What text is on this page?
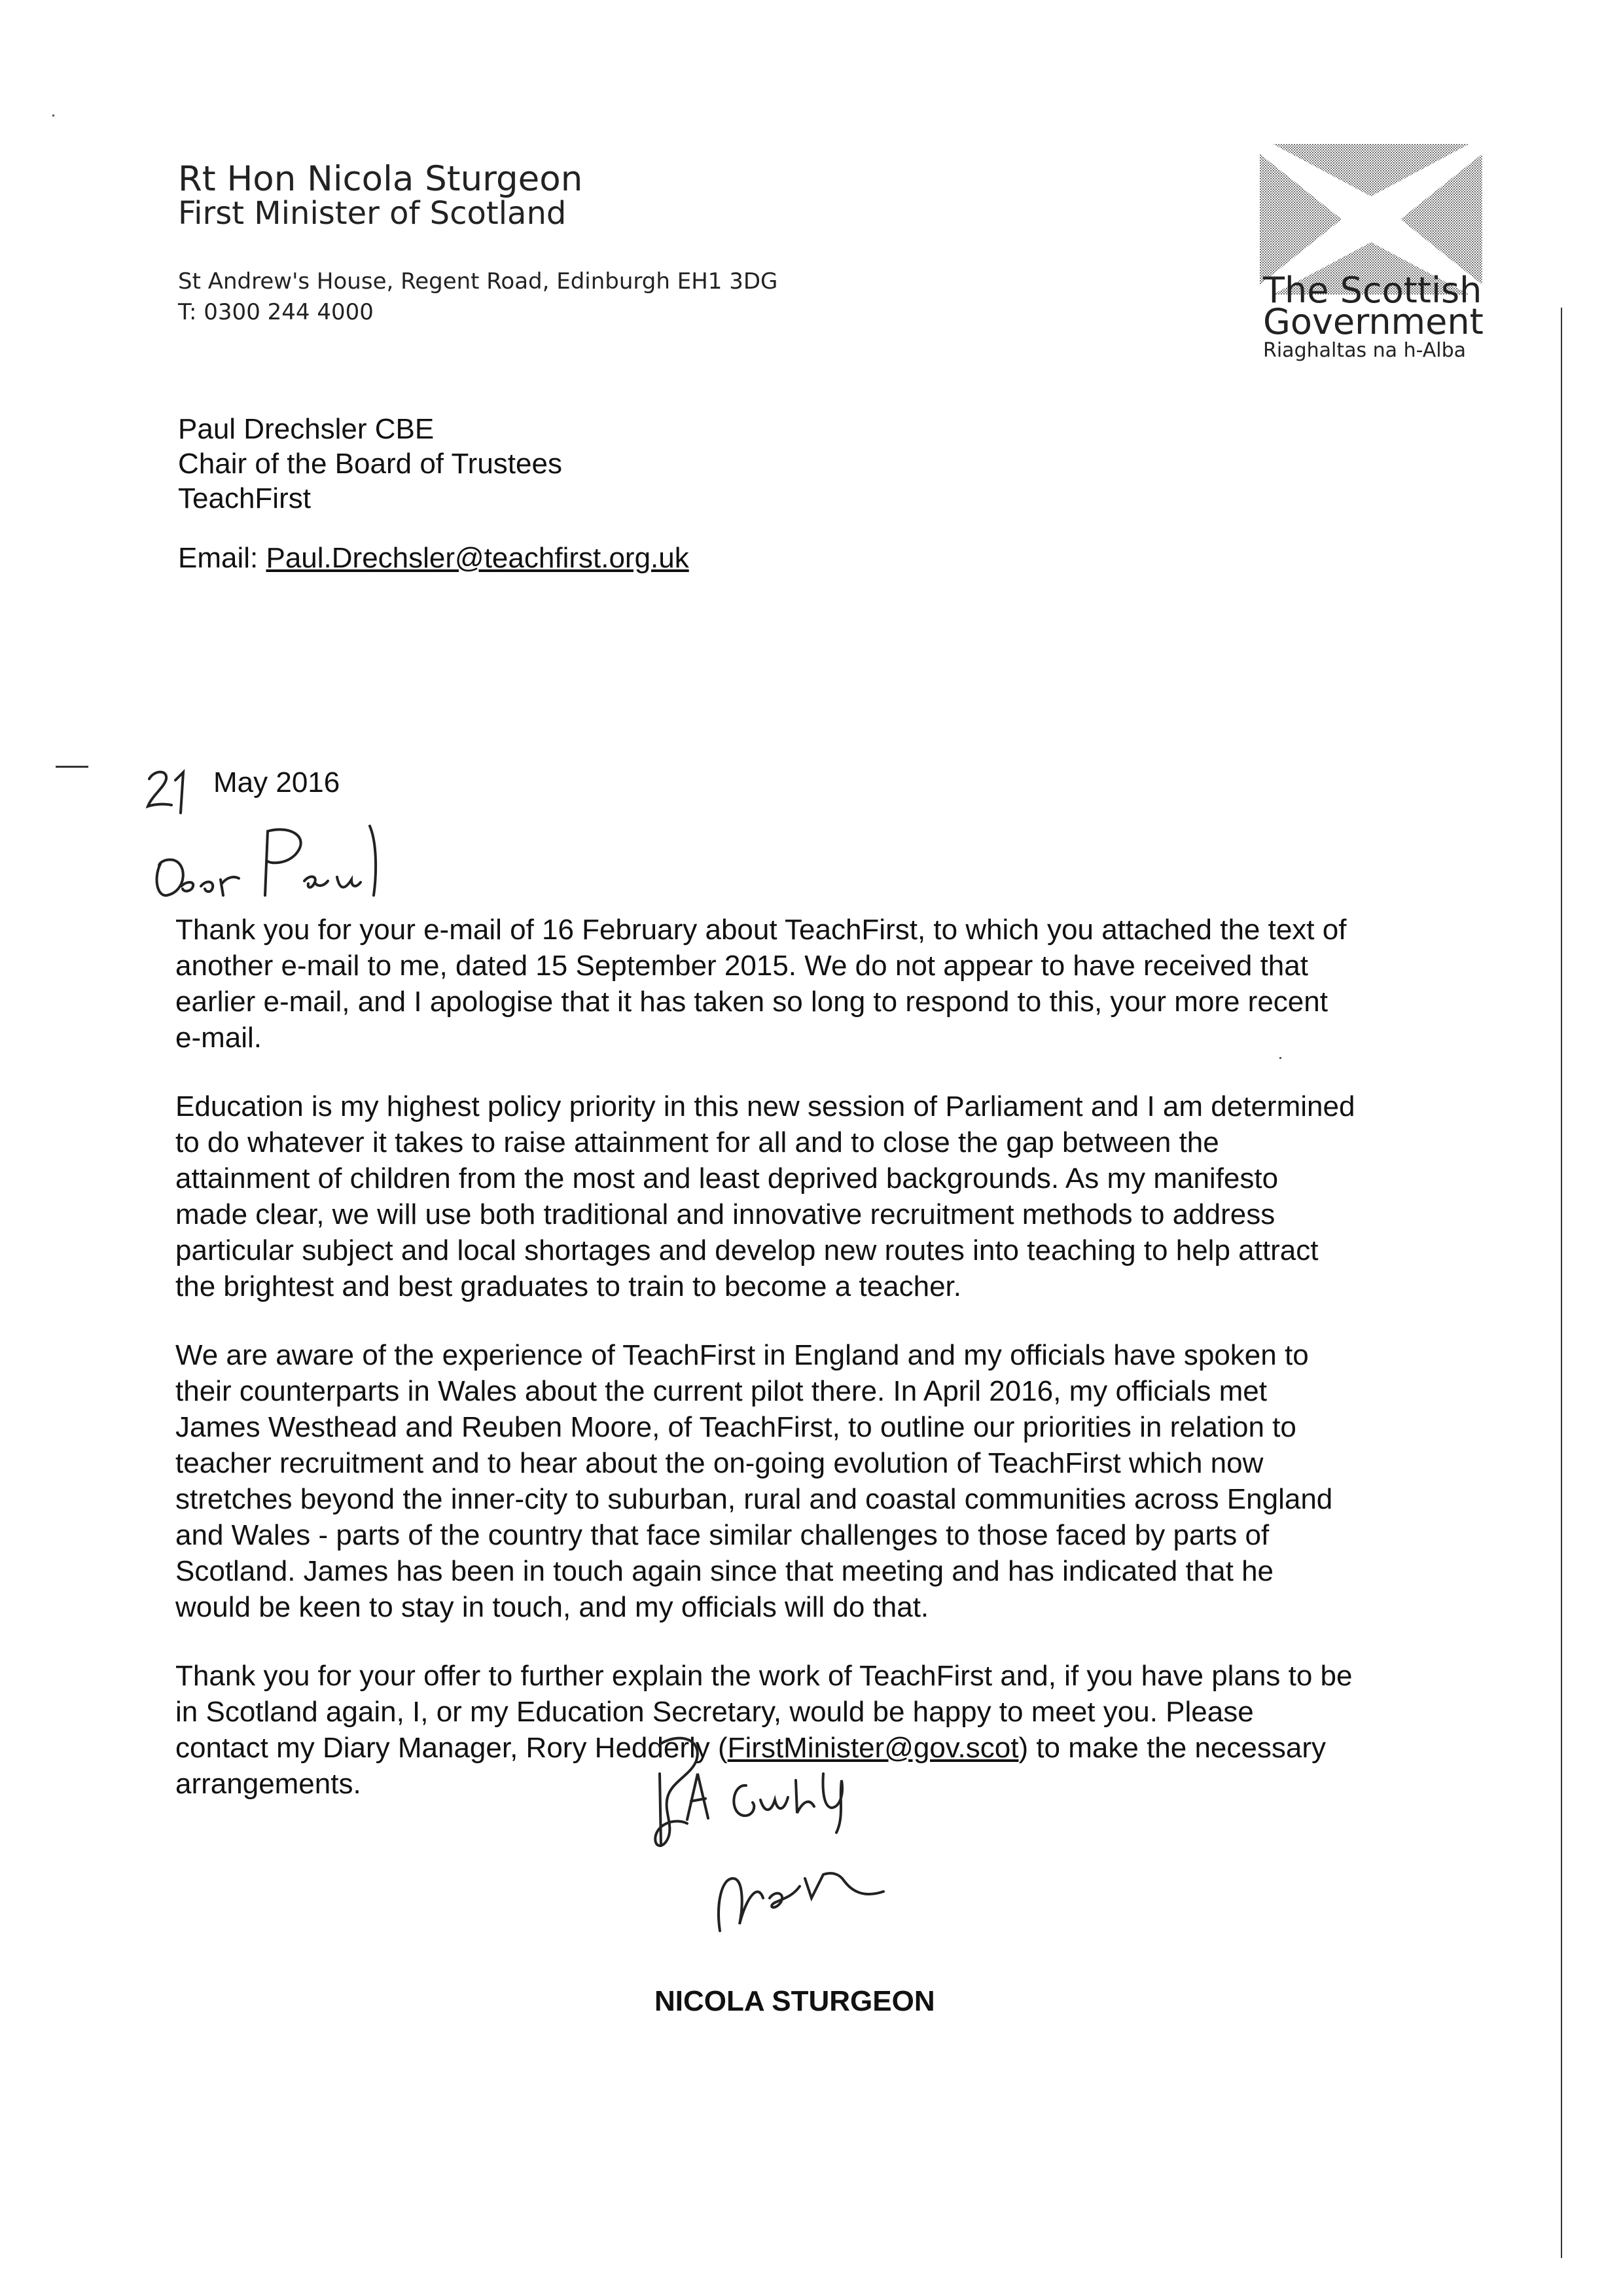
Rt Hon Nicola Sturgeon
First Minister of Scotland
St Andrew's House, Regent Road, Edinburgh EH1 3DG
T: 0300 244 4000
The Scottish
Government
Riaghaltas na h-Alba
Paul Drechsler CBE
Chair of the Board of Trustees
TeachFirst
Email: Paul.Drechsler@teachfirst.org.uk
May 2016
Thank you for your e-mail of 16 February about TeachFirst, to which you attached the text of
another e-mail to me, dated 15 September 2015. We do not appear to have received that
earlier e-mail, and I apologise that it has taken so long to respond to this, your more recent
e-mail.
Education is my highest policy priority in this new session of Parliament and I am determined
to do whatever it takes to raise attainment for all and to close the gap between the
attainment of children from the most and least deprived backgrounds. As my manifesto
made clear, we will use both traditional and innovative recruitment methods to address
particular subject and local shortages and develop new routes into teaching to help attract
the brightest and best graduates to train to become a teacher.
We are aware of the experience of TeachFirst in England and my officials have spoken to
their counterparts in Wales about the current pilot there. In April 2016, my officials met
James Westhead and Reuben Moore, of TeachFirst, to outline our priorities in relation to
teacher recruitment and to hear about the on-going evolution of TeachFirst which now
stretches beyond the inner-city to suburban, rural and coastal communities across England
and Wales - parts of the country that face similar challenges to those faced by parts of
Scotland. James has been in touch again since that meeting and has indicated that he
would be keen to stay in touch, and my officials will do that.
Thank you for your offer to further explain the work of TeachFirst and, if you have plans to be
in Scotland again, I, or my Education Secretary, would be happy to meet you. Please
contact my Diary Manager, Rory Hedderly (FirstMinister@gov.scot) to make the necessary
arrangements.
NICOLA STURGEON
